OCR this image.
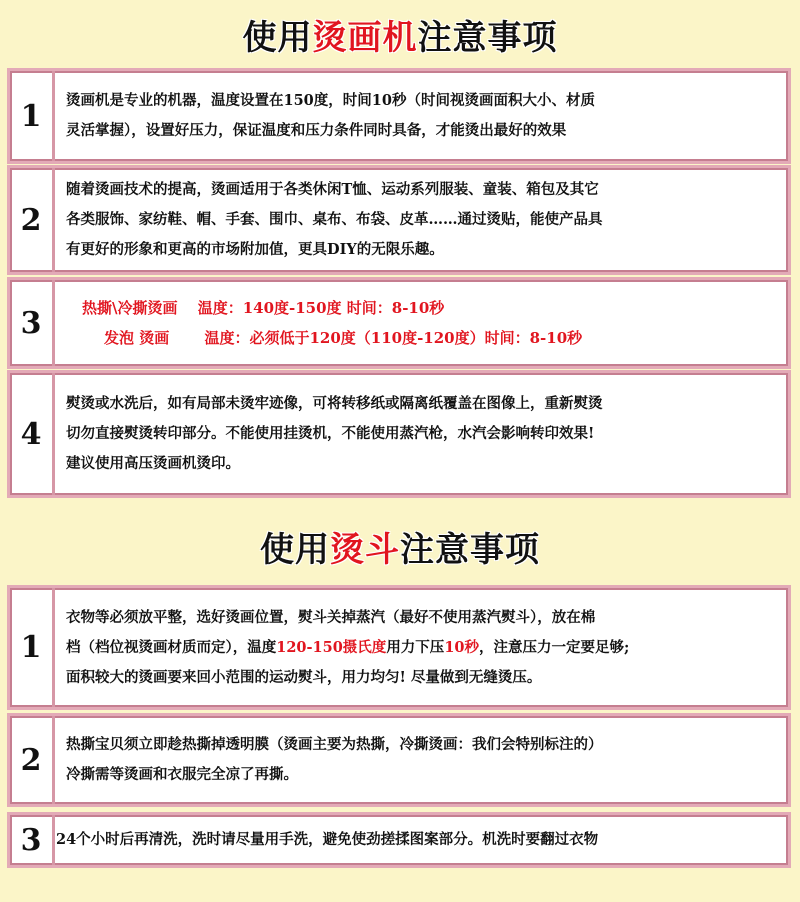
使用烫画机注意事项
1	烫画机是专业的机器，温度设置在150度，时间10秒（时间视烫画面积大小、材质
灵活掌握），设置好压力，保证温度和压力条件同时具备，才能烫出最好的效果
2
随着烫画技术的提高，烫画适用于各类休闲T恤、运动系列服装、童装、箱包及其它
各类服饰、家纺鞋、帽、手套、围巾、桌布、布袋、皮革……通过烫贴，能使产品具
有更好的形象和更高的市场附加值，更具DIY的无限乐趣。
3	热撕\冷撕烫画　 温度：140度-150度 时间：8-10秒
发泡 烫画　　 温度：必须低于120度（110度-120度）时间：8-10秒
4
熨烫或水洗后，如有局部未烫牢迹像，可将转移纸或隔离纸覆盖在图像上，重新熨烫
切勿直接熨烫转印部分。不能使用挂烫机，不能使用蒸汽枪，水汽会影响转印效果!
建议使用高压烫画机烫印。
使用烫斗注意事项
1
衣物等必须放平整，选好烫画位置，熨斗关掉蒸汽（最好不使用蒸汽熨斗），放在棉
档（档位视烫画材质而定），温度120-150摄氏度用力下压10秒，注意压力一定要足够;
面积较大的烫画要来回小范围的运动熨斗，用力均匀! 尽量做到无缝烫压。
2	热撕宝贝须立即趁热撕掉透明膜（烫画主要为热撕，冷撕烫画：我们会特别标注的）
冷撕需等烫画和衣服完全凉了再撕。
3	24个小时后再清洗，洗时请尽量用手洗，避免使劲搓揉图案部分。机洗时要翻过衣物
